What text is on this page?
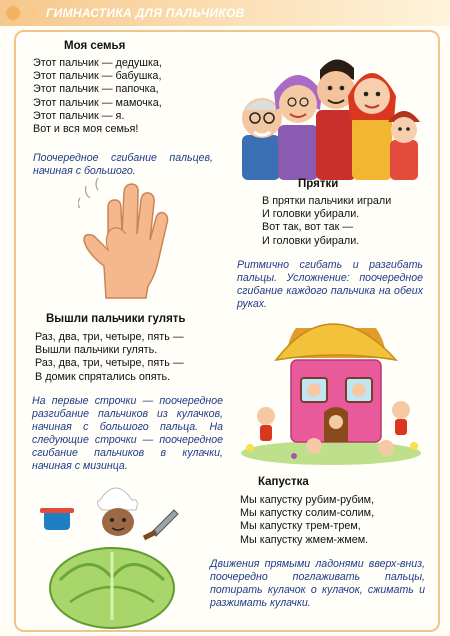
ГИМНАСТИКА ДЛЯ ПАЛЬЧИКОВ
Моя семья
Этот пальчик — дедушка,
Этот пальчик — бабушка,
Этот пальчик — папочка,
Этот пальчик — мамочка,
Этот пальчик — я.
Вот и вся моя семья!
Поочередное сгибание пальцев, начиная с большого.
Прятки
В прятки пальчики играли
И головки убирали.
Вот так, вот так —
И головки убирали.
Ритмично сгибать и разгибать пальцы. Усложнение: поочередное сгибание каждого пальчика на обеих руках.
Вышли пальчики гулять
Раз, два, три, четыре, пять —
Вышли пальчики гулять.
Раз, два, три, четыре, пять —
В домик спрятались опять.
На первые строчки — поочередное разгибание пальчиков из кулачков, начиная с большого пальца. На следующие строчки — поочередное сгибание пальчиков в кулачки, начиная с мизинца.
Капустка
Мы капустку рубим-рубим,
Мы капустку солим-солим,
Мы капустку трем-трем,
Мы капустку жмем-жмем.
Движения прямыми ладонями вверх-вниз, поочередно поглаживать пальцы, потирать кулачок о кулачок, сжимать и разжимать кулачки.
